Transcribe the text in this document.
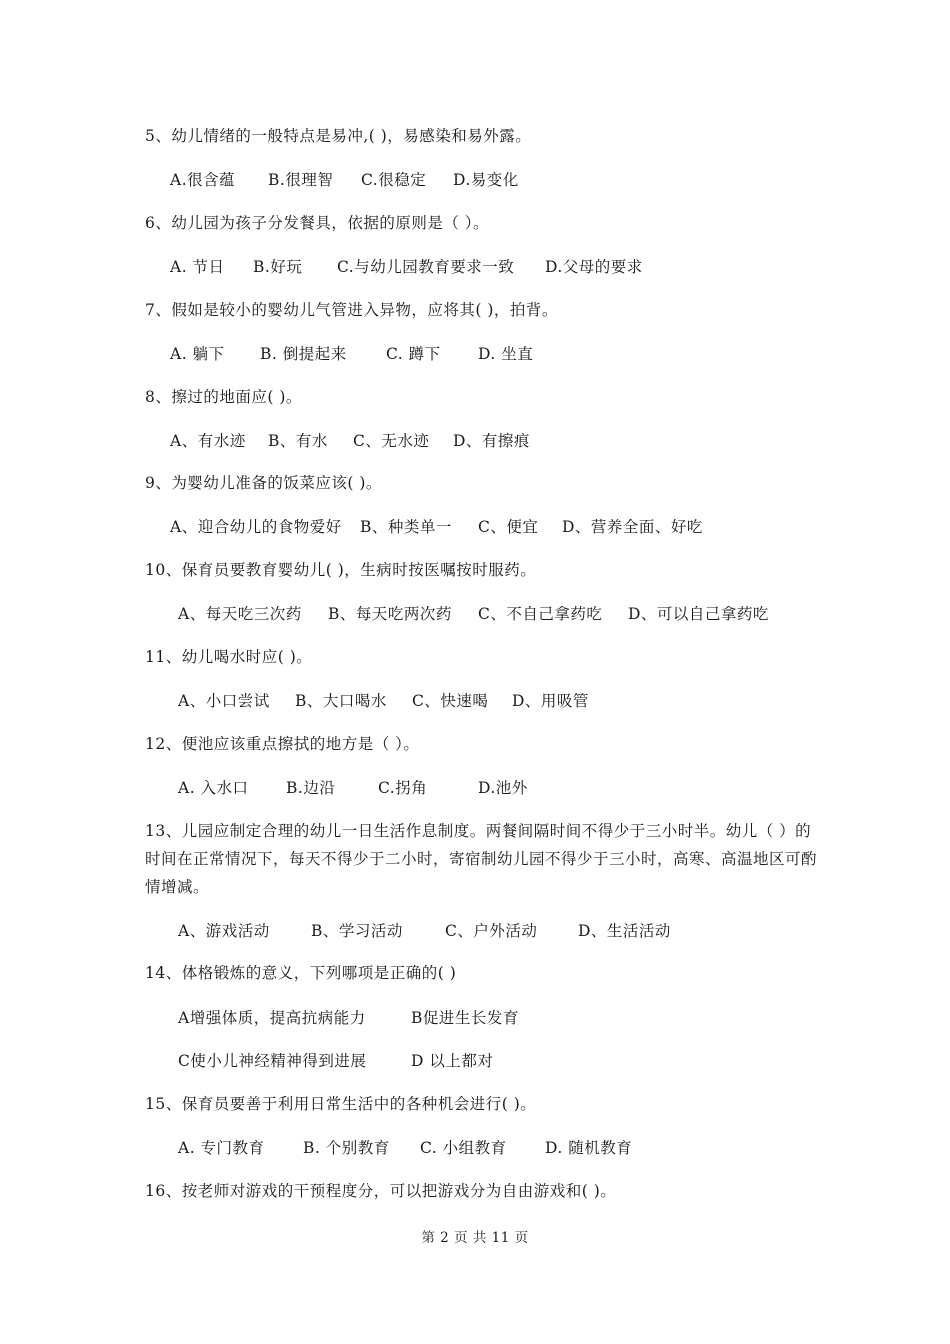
5、幼儿情绪的一般特点是易冲,( )，易感染和易外露。
A.很含蕴 B.很理智 C.很稳定 D.易变化
6、幼儿园为孩子分发餐具，依据的原则是（ ）。
A. 节日 B.好玩 C.与幼儿园教育要求一致 D.父母的要求
7、假如是较小的婴幼儿气管进入异物，应将其( )，拍背。
A. 躺下 B. 倒提起来	C. 蹲下 D. 坐直
8、擦过的地面应( )。
A、有水迹 B、有水 C、无水迹 D、有擦痕
9、为婴幼儿准备的饭菜应该( )。
A、迎合幼儿的食物爱好 B、种类单一 C、便宜 D、营养全面、好吃
10、保育员要教育婴幼儿( )，生病时按医嘱按时服药。
A、每天吃三次药 B、每天吃两次药 C、不自己拿药吃 D、可以自己拿药吃
11、幼儿喝水时应( )。
A、小口尝试 B、大口喝水 C、快速喝 D、用吸管
12、便池应该重点擦拭的地方是（ ）。
A. 入水口 B.边沿	C.拐角	D.池外
13、儿园应制定合理的幼儿一日生活作息制度。两餐间隔时间不得少于三小时半。幼儿（ ）的时间在正常情况下，每天不得少于二小时，寄宿制幼儿园不得少于三小时，高寒、高温地区可酌情增减。
A、游戏活动	B、学习活动	C、户外活动	D、生活活动
14、体格锻炼的意义，下列哪项是正确的( )
A增强体质，提高抗病能力	B促进生长发育
C使小儿神经精神得到进展	D 以上都对
15、保育员要善于利用日常生活中的各种机会进行( )。
A. 专门教育 B. 个别教育 C. 小组教育 D. 随机教育
16、按老师对游戏的干预程度分，可以把游戏分为自由游戏和( )。
第 2 页 共 11 页
